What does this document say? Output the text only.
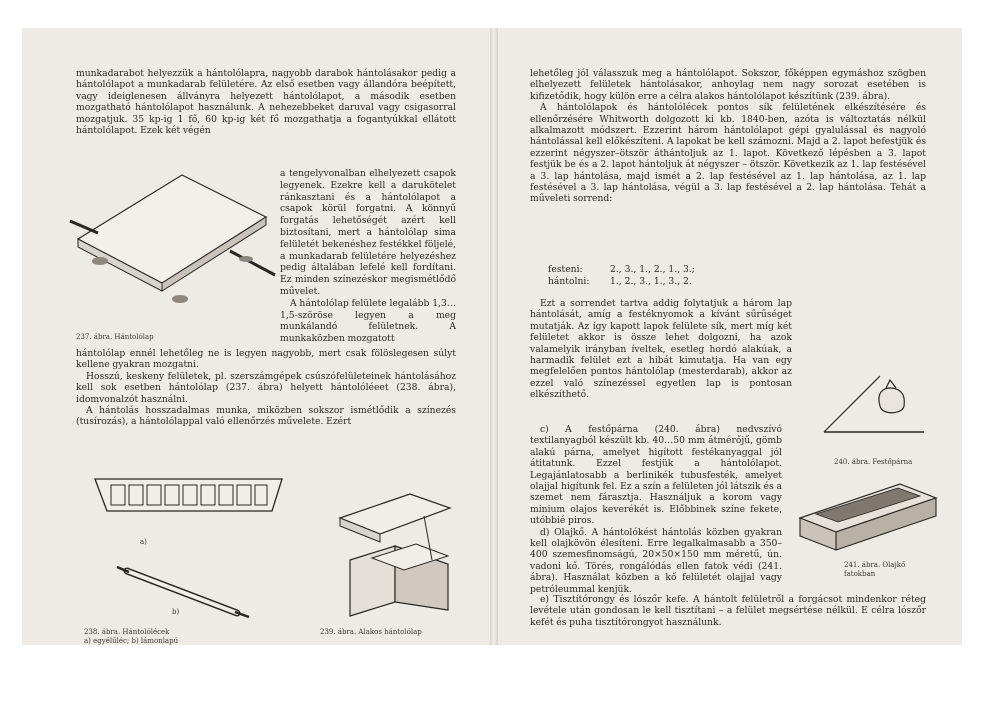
munkadarabot helyezzük a hántolólapra, nagyobb darabok hántolásakor pedig a hántolólapot a munkadarab felületére. Az első esetben vagy állandóra beépített, vagy ideiglenesen állványra helyezett hántolólapot, a második esetben mozgatható hántolólapot használunk. A nehezebbeket daruval vagy csigasorral mozgatjuk. 35 kp-ig 1 fő, 60 kp-ig két fő mozgathatja a fogantyúkkal ellátott hántolólapot. Ezek két végén

a tengelyvonalban elhelyezett csapok legyenek. Ezekre kell a darukötelet ránkasztani és a hántolólapot a csapok körül forgatni. A könnyű forgatás lehetőségét azért kell biztosítani, mert a hántolólap sima felületét bekenéshez festékkel följelé, a munkadarab felületére helyezéshez pedig általában lefelé kell fordítani. Ez minden színezéskor megismétlődő művelet.

A hántolólap felülete legalább 1,3…1,5-szöröse legyen a meg munkálandó felületnek. A munkaközben mozgatott

237. ábra. Hántolólap

hántolólap ennél lehetőleg ne is legyen nagyobb, mert csak fölöslegesen súlyt kellene gyakran mozgatni.

Hosszú, keskeny felületek, pl. szerszámgépek csúszófelületeinek hántolásához kell sok esetben hántolólap (237. ábra) helyett hántolóléeet (238. ábra), idomvonalzót használni.

A hántolás hosszadalmas munka, miközben sokszor ismétlődik a színezés (tusírozás), a hántolólappal való ellenőrzés művelete. Ezért

a)
b)
238. ábra. Hántolólécek
a) egyélűléc; b) lámonlapú
239. ábra. Alakos hántolólap

lehetőleg jól válasszuk meg a hántolólapot. Sokszor, főképpen egymáshoz szögben elhelyezett felületek hántolásakor, anhoylag nem nagy sorozat esetében is kifizetődik, hogy külön erre a célra alakos hántolólapot készítünk (239. ábra).

A hántolólapok és hántolólécek pontos sík felületének elkészítésére és ellenőrzésére Whitworth dolgozott ki kb. 1840-ben, azóta is változtatás nélkül alkalmazott módszert. Ezzerint három hántolólapot gépi gyalulással és nagyoló hántolással kell előkészíteni. A lapokat be kell számozni. Majd a 2. lapot befestjük és ezzerint négyszer–ötször áthántoljuk az 1. lapot. Következő lépésben a 3. lapot festjük be és a 2. lapot hántoljuk át négyszer – ötször. Következik az 1. lap festésével a 3. lap hántolása, majd ismét a 2. lap festésével az 1. lap hántolása, az 1. lap festésével a 3. lap hántolása, végül a 3. lap festésével a 2. lap hántolása. Tehát a műveleti sorrend:

festeni:	2., 3., 1., 2., 1., 3.;
hántolni: 1., 2., 3., 1., 3., 2.

Ezt a sorrendet tartva addig folytatjuk a három lap hántolását, amíg a festéknyomok a kívánt sűrűséget mutatják. Az így kapott lapok felülete sík, mert míg két felületet akkor is össze lehet dolgozni, ha azok valamelyik irányban íveltek, esetleg hordó alakúak, a harmadik felület ezt a hibát kimutatja. Ha van egy megfelelően pontos hántolólap (mesterdarab), akkor az ezzel való színezéssel egyetlen lap is pontosan elkészíthető.

240. ábra. Festőpárna

c) A festőpárna (240. ábra) nedvszívó textilanyagból készült kb. 40…50 mm átmérőjű, gömb alakú párna, amelyet higított festékanyaggal jól átitatunk. Ezzel festjük a hántolólapot. Legajánlatosabb a berlinikék tubusfesték, amelyet olajjal higítunk fel. Ez a szín a felületen jól látszik és a szemet nem fárasztja. Használjuk a korom vagy minium olajos keverékét is. Előbbinek színe fekete, utóbbié piros.

d) Olajkő. A hántolókést hántolás közben gyakran kell olajkövön élesíteni. Erre legalkalmasabb a 350–400 szemesfinomságú, 20×50×150 mm méretű, ún. vadoni kő. Törés, rongálódás ellen fatok védi (241. ábra). Használat közben a kő felületét olajjal vagy petróleummal kenjük.

241. ábra. Olajkő
fatokban

e) Tisztítórongy és lószőr kefe. A hántolt felületről a forgácsot mindenkor réteg levétele után gondosan le kell tisztítani – a felület megsértése nélkül. E célra lószőr kefét és puha tisztítórongyot használunk.
